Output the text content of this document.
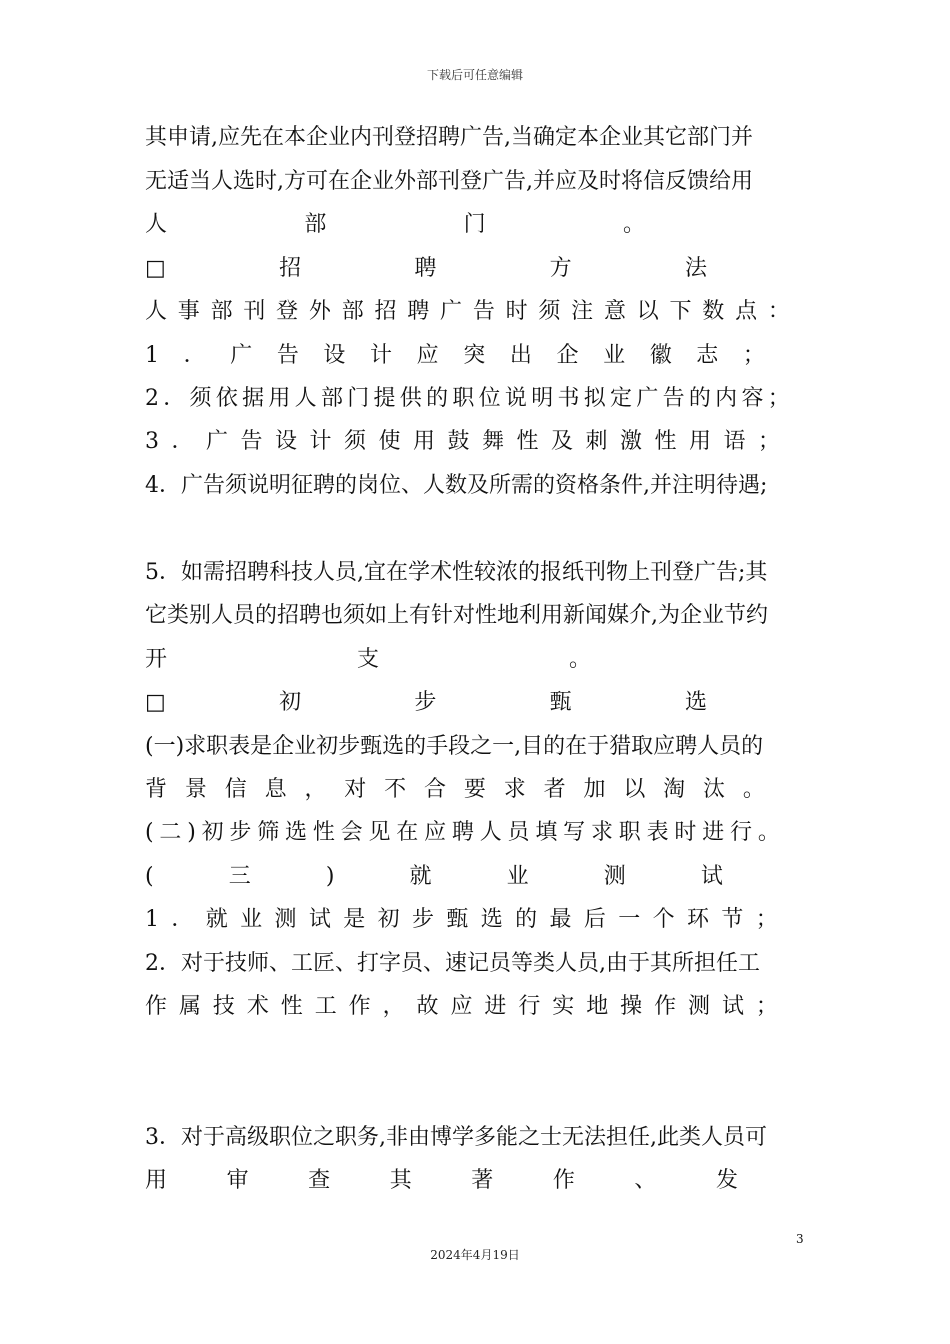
下载后可任意编辑
其申请,应先在本企业内刊登招聘广告,当确定本企业其它部门并
无适当人选时,方可在企业外部刊登广告,并应及时将信反馈给用
人	部	门	。
□	招	聘	方	法
人 事 部 刊 登 外 部 招 聘 广 告 时 须 注 意 以 下 数 点 ：
1 ． 广 告 设 计 应 突 出 企 业 徽 志 ；
2 ． 须 依 据 用 人 部 门 提 供 的 职 位 说 明 书 拟 定 广 告 的 内 容 ；
3 ． 广 告 设 计 须 使 用 鼓 舞 性 及 刺 激 性 用 语 ；
4．广告须说明征聘的岗位、人数及所需的资格条件,并注明待遇;
5．如需招聘科技人员,宜在学术性较浓的报纸刊物上刊登广告;其
它类别人员的招聘也须如上有针对性地利用新闻媒介,为企业节约
开	支	。
□	初	步	甄	选
(一)求职表是企业初步甄选的手段之一,目的在于猎取应聘人员的
背 景 信 息 ， 对 不 合 要 求 者 加 以 淘 汰 。
( 二 ) 初 步 筛 选 性 会 见 在 应 聘 人 员 填 写 求 职 表 时 进 行 。
(	三	)	就	业	测	试
1 ． 就 业 测 试 是 初 步 甄 选 的 最 后 一 个 环 节 ；
2．对于技师、工匠、打字员、速记员等类人员,由于其所担任工
作 属 技 术 性 工 作 ， 故 应 进 行 实 地 操 作 测 试 ；
3．对于高级职位之职务,非由博学多能之士无法担任,此类人员可
用	审	查	其	著	作	、	发
3
2024年4月19日
